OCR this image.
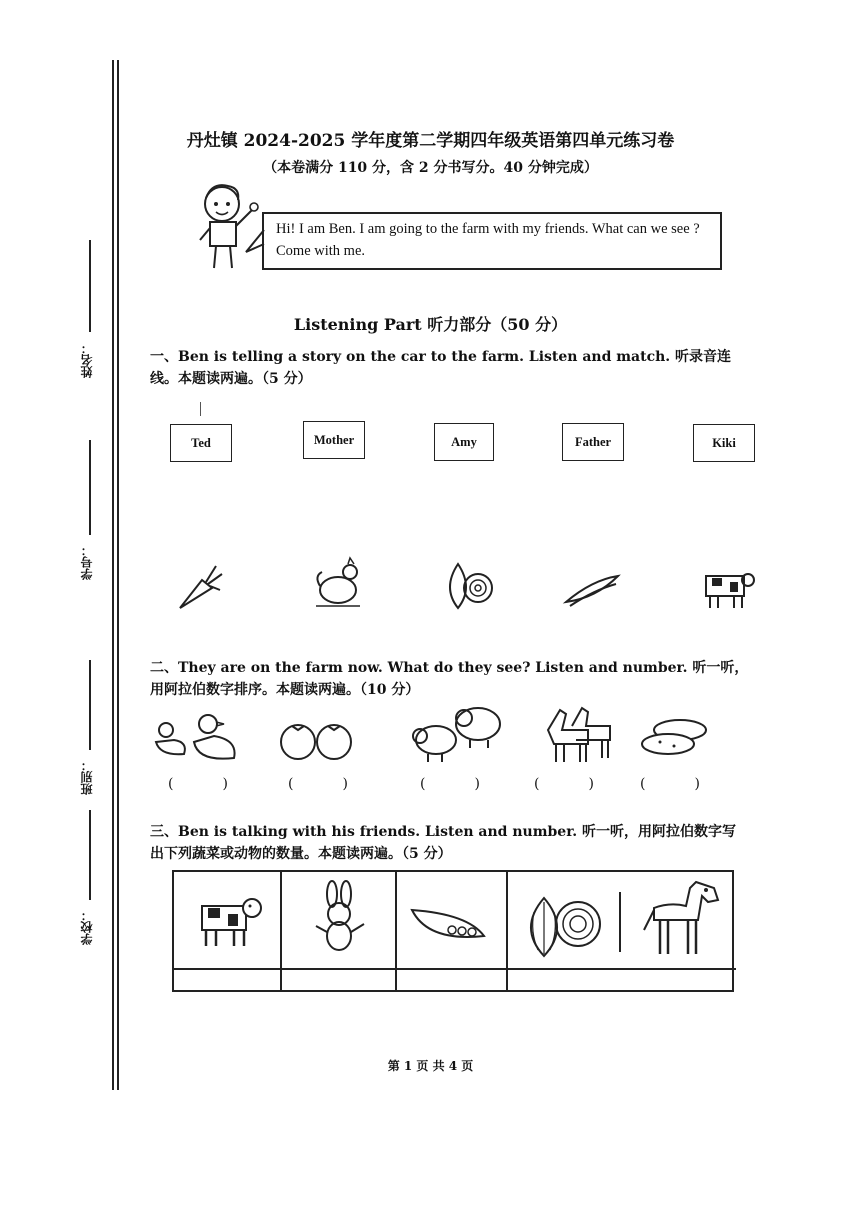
姓名：
学号：
班别：
学校：
丹灶镇 2024-2025 学年度第二学期四年级英语第四单元练习卷
（本卷满分 110 分，含 2 分书写分。40 分钟完成）
Hi! I am Ben. I am going to the farm with my friends. What can we see ? Come with me.
Listening Part 听力部分（50 分）
一、Ben is telling a story on the car to the farm. Listen and match. 听录音连线。本题读两遍。（5 分）
Ted	Mother	Amy	Father	Kiki
二、They are on the farm now. What do they see? Listen and number. 听一听，用阿拉伯数字排序。本题读两遍。（10 分）
(	)	(	)	(	)	(	)	(	)
三、Ben is talking with his friends. Listen and number. 听一听，用阿拉伯数字写出下列蔬菜或动物的数量。本题读两遍。（5 分）
第 1 页 共 4 页
